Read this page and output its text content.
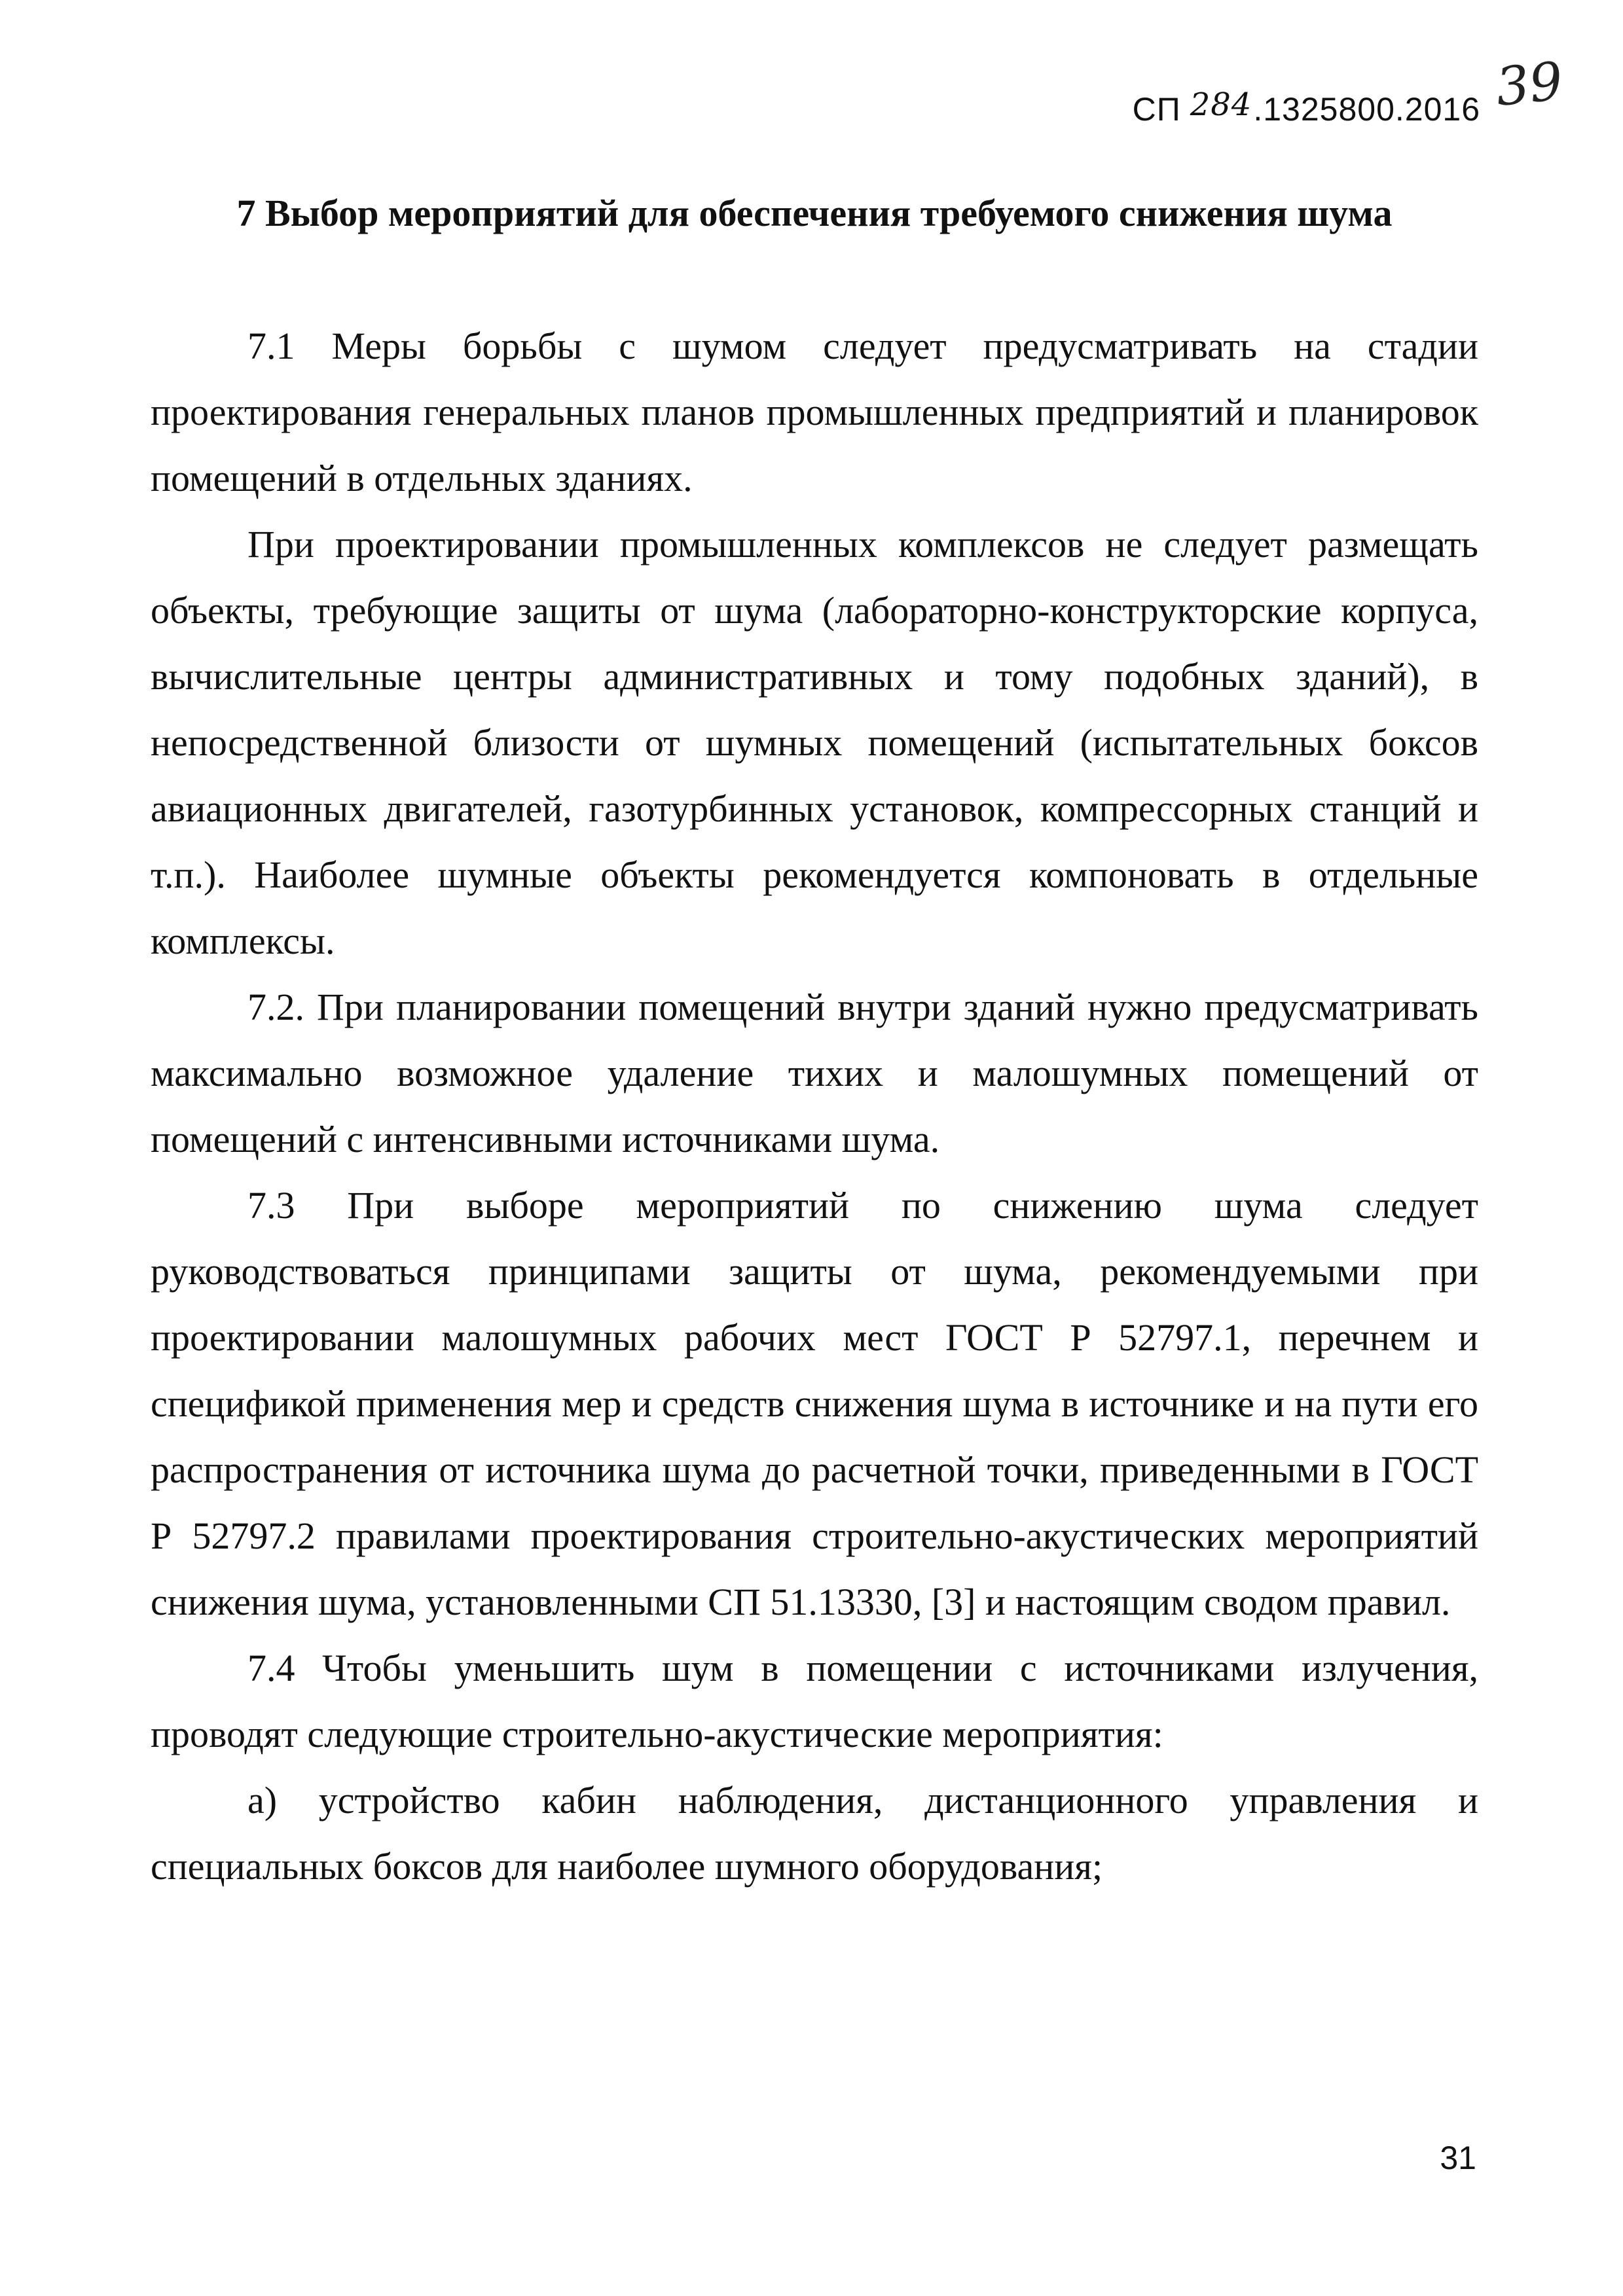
СП 284 .1325800.2016 39
7 Выбор мероприятий для обеспечения требуемого снижения шума

7.1 Меры борьбы с шумом следует предусматривать на стадии проектирования генеральных планов промышленных предприятий и планировок помещений в отдельных зданиях.

При проектировании промышленных комплексов не следует размещать объекты, требующие защиты от шума (лабораторно-конструкторские корпуса, вычислительные центры административных и тому подобных зданий), в непосредственной близости от шумных помещений (испытательных боксов авиационных двигателей, газотурбинных установок, компрессорных станций и т.п.). Наиболее шумные объекты рекомендуется компоновать в отдельные комплексы.

7.2. При планировании помещений внутри зданий нужно предусматривать максимально возможное удаление тихих и малошумных помещений от помещений с интенсивными источниками шума.

7.3 При выборе мероприятий по снижению шума следует руководствоваться принципами защиты от шума, рекомендуемыми при проектировании малошумных рабочих мест ГОСТ Р 52797.1, перечнем и спецификой применения мер и средств снижения шума в источнике и на пути его распространения от источника шума до расчетной точки, приведенными в ГОСТ Р 52797.2 правилами проектирования строительно-акустических мероприятий снижения шума, установленными СП 51.13330, [3] и настоящим сводом правил.

7.4 Чтобы уменьшить шум в помещении с источниками излучения, проводят следующие строительно-акустические мероприятия:

а) устройство кабин наблюдения, дистанционного управления и специальных боксов для наиболее шумного оборудования;

31
